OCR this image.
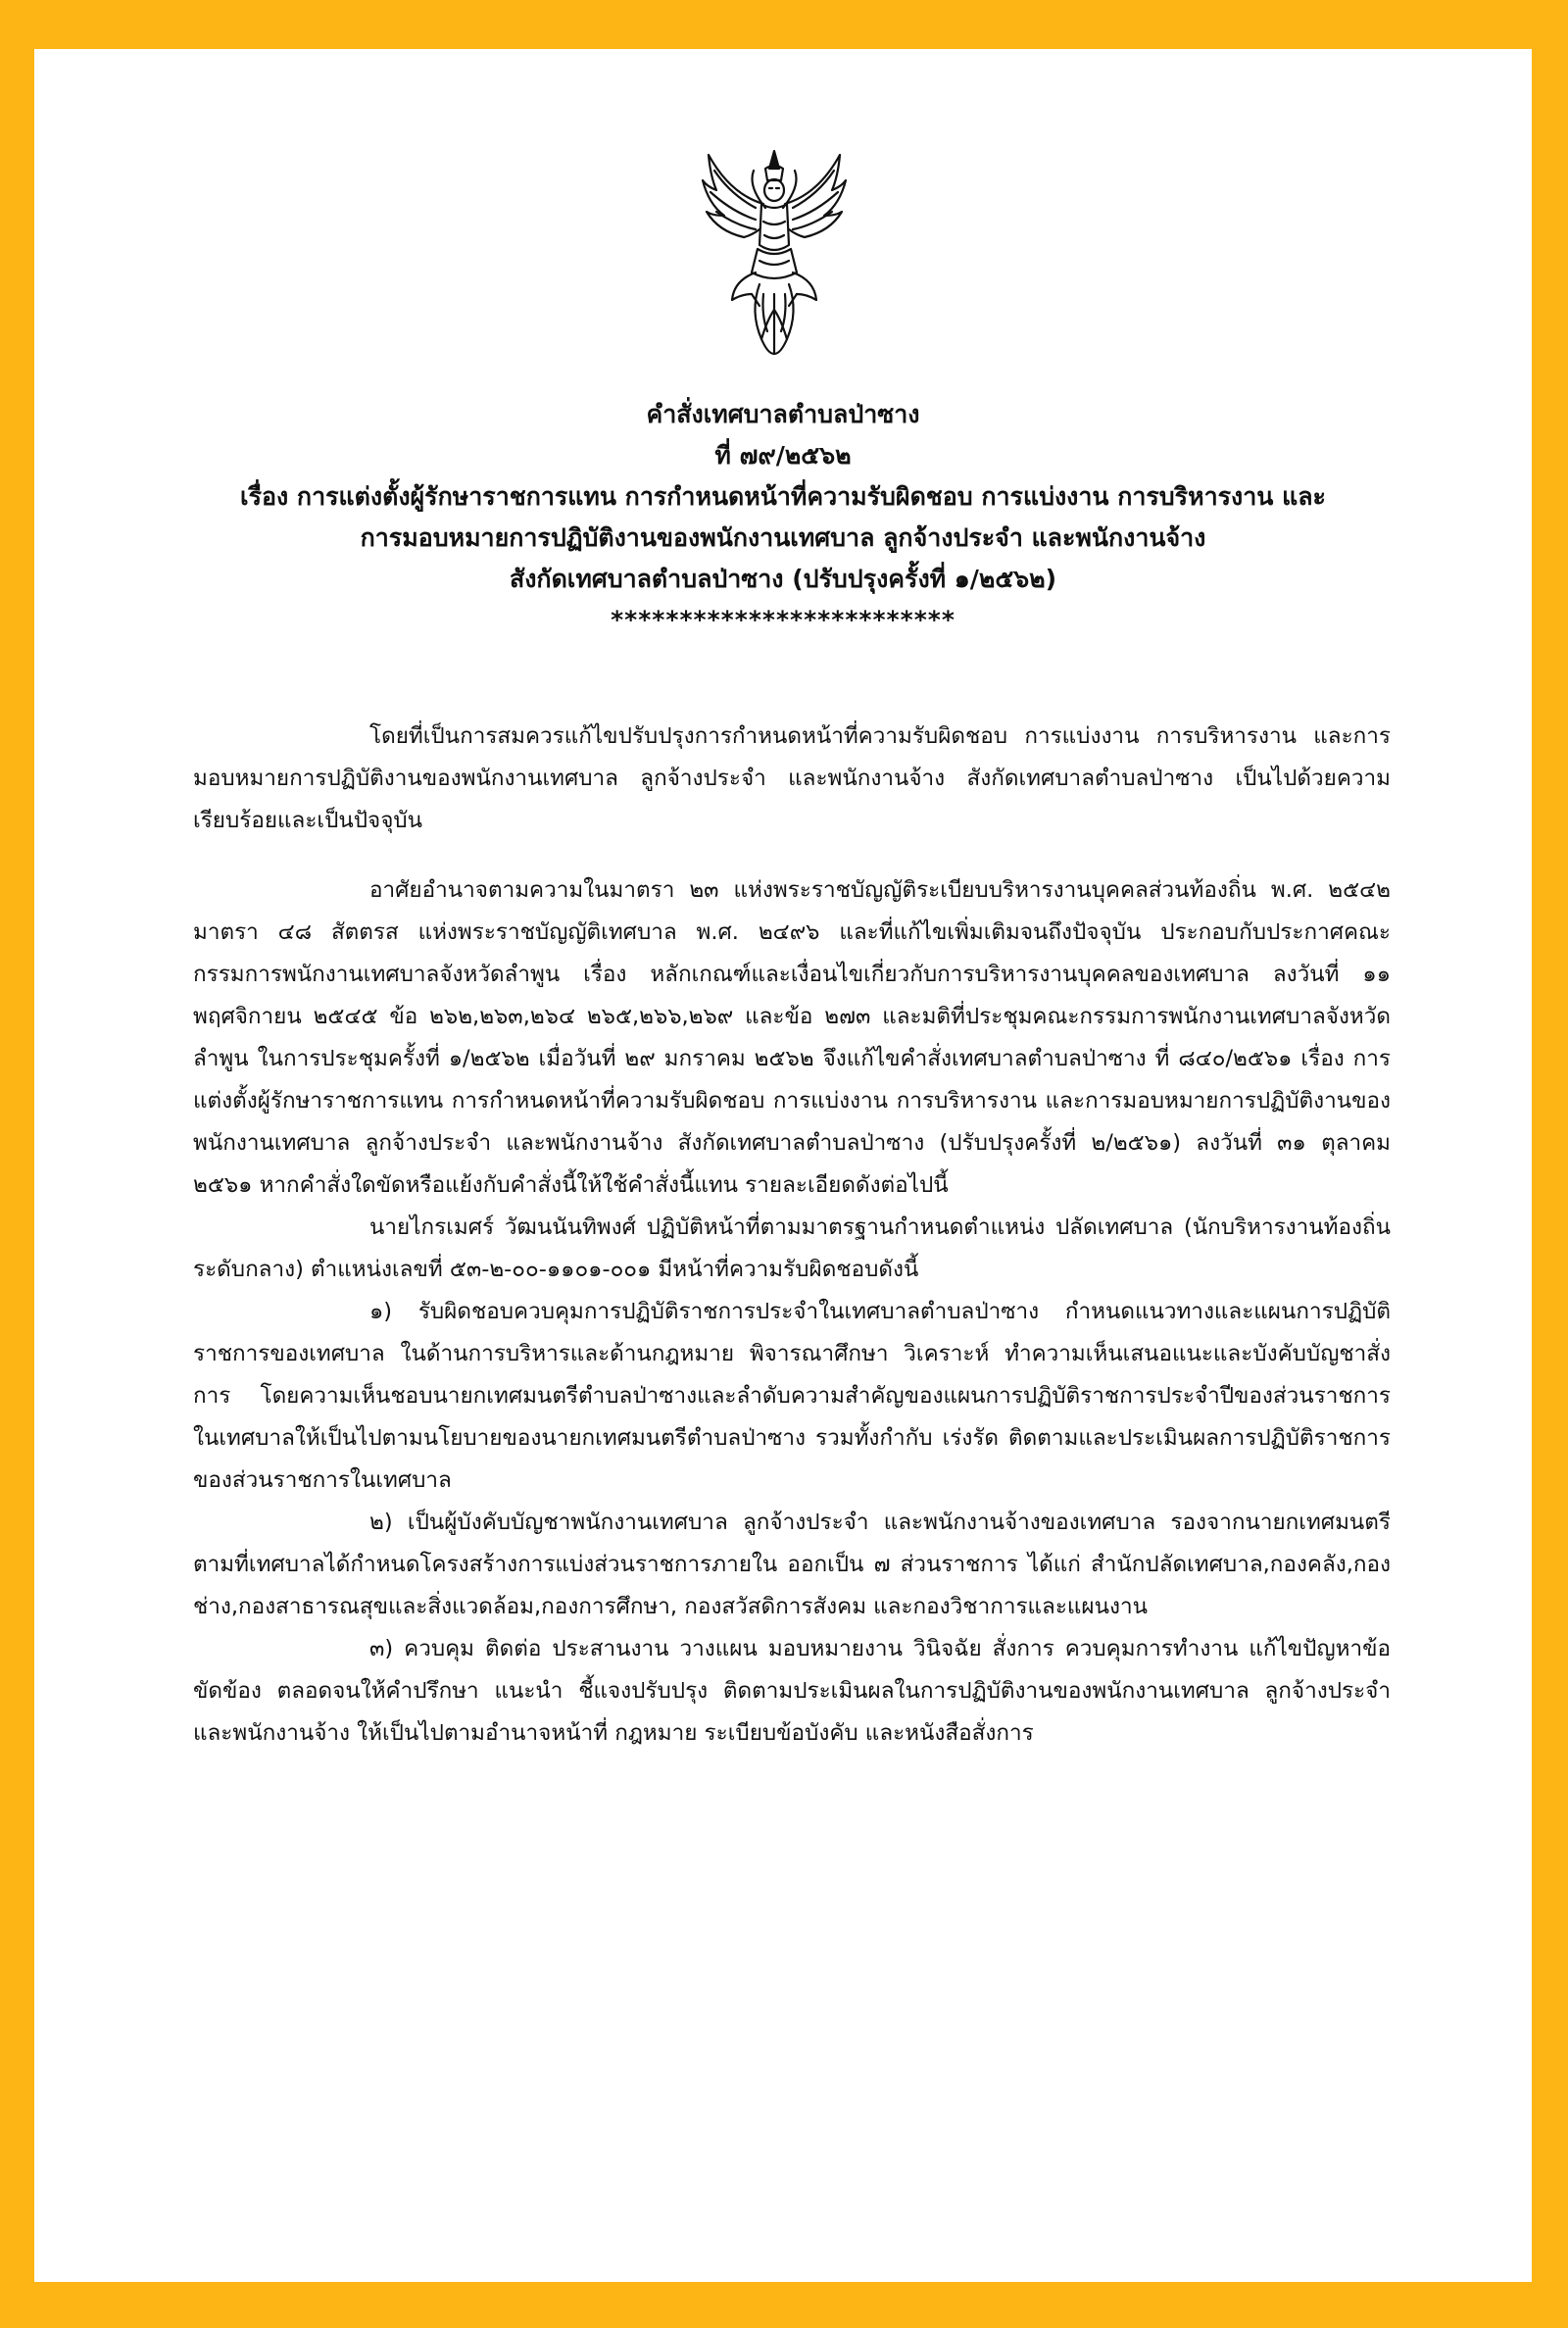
คำสั่งเทศบาลตำบลป่าซาง
ที่ ๗๙/๒๕๖๒
เรื่อง การแต่งตั้งผู้รักษาราชการแทน การกำหนดหน้าที่ความรับผิดชอบ การแบ่งงาน การบริหารงาน และ
การมอบหมายการปฏิบัติงานของพนักงานเทศบาล ลูกจ้างประจำ และพนักงานจ้าง
สังกัดเทศบาลตำบลป่าซาง (ปรับปรุงครั้งที่ ๑/๒๕๖๒)
*************************

โดยที่เป็นการสมควรแก้ไขปรับปรุงการกำหนดหน้าที่ความรับผิดชอบ การแบ่งงาน การบริหารงาน และการมอบหมายการปฏิบัติงานของพนักงานเทศบาล ลูกจ้างประจำ และพนักงานจ้าง สังกัดเทศบาลตำบลป่าซาง เป็นไปด้วยความเรียบร้อยและเป็นปัจจุบัน

อาศัยอำนาจตามความในมาตรา ๒๓ แห่งพระราชบัญญัติระเบียบบริหารงานบุคคลส่วนท้องถิ่น พ.ศ. ๒๕๔๒ มาตรา ๔๘ สัตตรส แห่งพระราชบัญญัติเทศบาล พ.ศ. ๒๔๙๖ และที่แก้ไขเพิ่มเติมจนถึงปัจจุบัน ประกอบกับประกาศคณะกรรมการพนักงานเทศบาลจังหวัดลำพูน เรื่อง หลักเกณฑ์และเงื่อนไขเกี่ยวกับการบริหารงานบุคคลของเทศบาล ลงวันที่ ๑๑ พฤศจิกายน ๒๕๔๕ ข้อ ๒๖๒,๒๖๓,๒๖๔ ๒๖๕,๒๖๖,๒๖๙ และข้อ ๒๗๓ และมติที่ประชุมคณะกรรมการพนักงานเทศบาลจังหวัดลำพูน ในการประชุมครั้งที่ ๑/๒๕๖๒ เมื่อวันที่ ๒๙ มกราคม ๒๕๖๒ จึงแก้ไขคำสั่งเทศบาลตำบลป่าซาง ที่ ๘๔๐/๒๕๖๑ เรื่อง การแต่งตั้งผู้รักษาราชการแทน การกำหนดหน้าที่ความรับผิดชอบ การแบ่งงาน การบริหารงาน และการมอบหมายการปฏิบัติงานของพนักงานเทศบาล ลูกจ้างประจำ และพนักงานจ้าง สังกัดเทศบาลตำบลป่าซาง (ปรับปรุงครั้งที่ ๒/๒๕๖๑) ลงวันที่ ๓๑ ตุลาคม ๒๕๖๑ หากคำสั่งใดขัดหรือแย้งกับคำสั่งนี้ให้ใช้คำสั่งนี้แทน รายละเอียดดังต่อไปนี้

นายไกรเมศร์ วัฒนนันทิพงศ์ ปฏิบัติหน้าที่ตามมาตรฐานกำหนดตำแหน่ง ปลัดเทศบาล (นักบริหารงานท้องถิ่น ระดับกลาง) ตำแหน่งเลขที่ ๕๓-๒-๐๐-๑๑๐๑-๐๐๑ มีหน้าที่ความรับผิดชอบดังนี้

๑) รับผิดชอบควบคุมการปฏิบัติราชการประจำในเทศบาลตำบลป่าซาง กำหนดแนวทางและแผนการปฏิบัติราชการของเทศบาล ในด้านการบริหารและด้านกฎหมาย พิจารณาศึกษา วิเคราะห์ ทำความเห็นเสนอแนะและบังคับบัญชาสั่งการ โดยความเห็นชอบนายกเทศมนตรีตำบลป่าซางและลำดับความสำคัญของแผนการปฏิบัติราชการประจำปีของส่วนราชการในเทศบาลให้เป็นไปตามนโยบายของนายกเทศมนตรีตำบลป่าซาง รวมทั้งกำกับ เร่งรัด ติดตามและประเมินผลการปฏิบัติราชการของส่วนราชการในเทศบาล

๒) เป็นผู้บังคับบัญชาพนักงานเทศบาล ลูกจ้างประจำ และพนักงานจ้างของเทศบาล รองจากนายกเทศมนตรี ตามที่เทศบาลได้กำหนดโครงสร้างการแบ่งส่วนราชการภายใน ออกเป็น ๗ ส่วนราชการ ได้แก่ สำนักปลัดเทศบาล,กองคลัง,กองช่าง,กองสาธารณสุขและสิ่งแวดล้อม,กองการศึกษา, กองสวัสดิการสังคม และกองวิชาการและแผนงาน

๓) ควบคุม ติดต่อ ประสานงาน วางแผน มอบหมายงาน วินิจฉัย สั่งการ ควบคุมการทำงาน แก้ไขปัญหาข้อขัดข้อง ตลอดจนให้คำปรึกษา แนะนำ ชี้แจงปรับปรุง ติดตามประเมินผลในการปฏิบัติงานของพนักงานเทศบาล ลูกจ้างประจำ และพนักงานจ้าง ให้เป็นไปตามอำนาจหน้าที่ กฎหมาย ระเบียบข้อบังคับ และหนังสือสั่งการ
